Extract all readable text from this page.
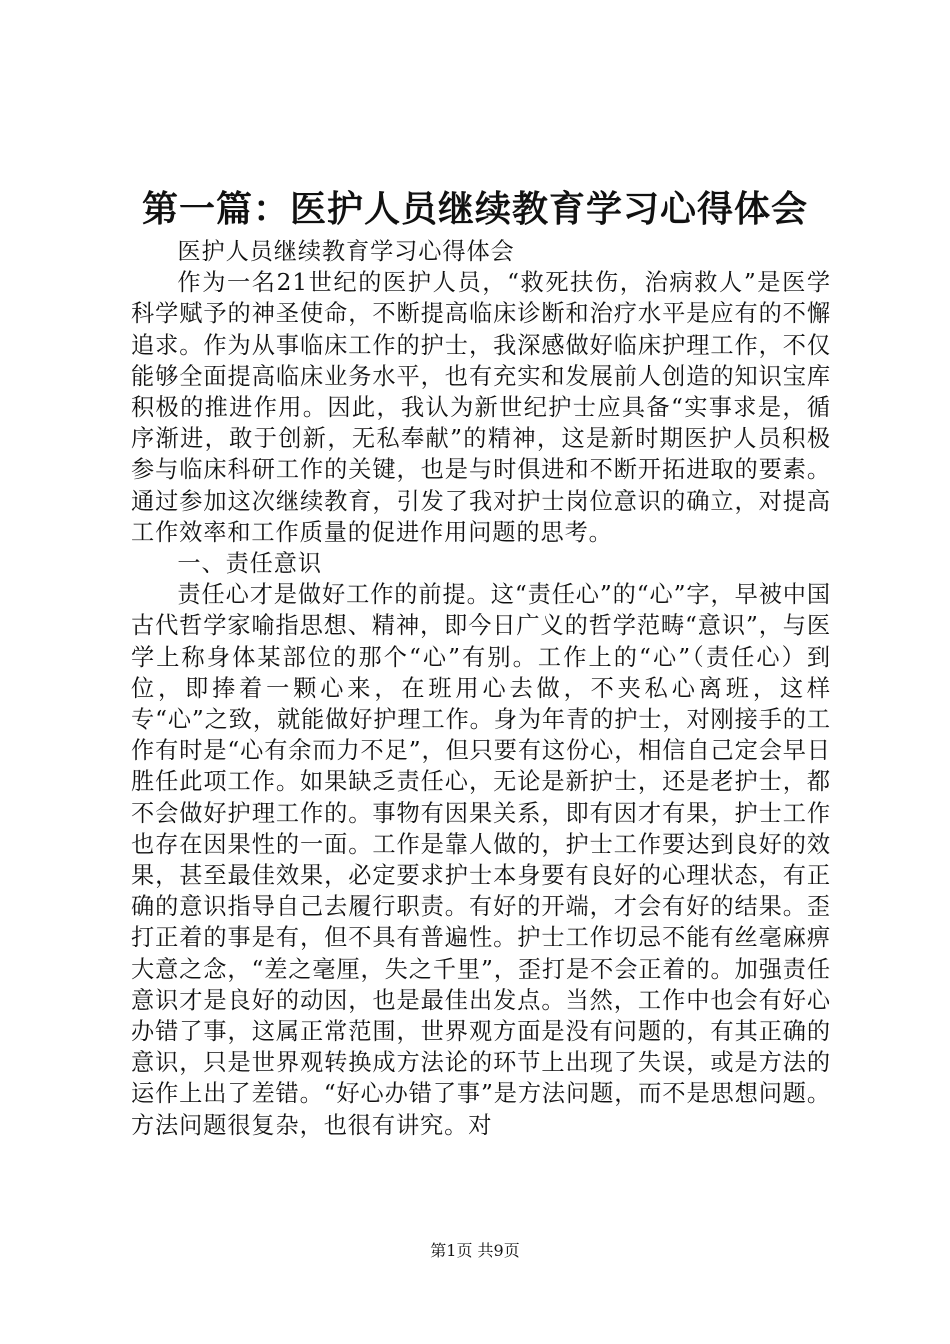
第一篇：医护人员继续教育学习心得体会

医护人员继续教育学习心得体会

作为一名21世纪的医护人员，“救死扶伤，治病救人”是医学科学赋予的神圣使命，不断提高临床诊断和治疗水平是应有的不懈追求。作为从事临床工作的护士，我深感做好临床护理工作，不仅能够全面提高临床业务水平，也有充实和发展前人创造的知识宝库积极的推进作用。因此，我认为新世纪护士应具备“实事求是，循序渐进，敢于创新，无私奉献”的精神，这是新时期医护人员积极参与临床科研工作的关键，也是与时俱进和不断开拓进取的要素。通过参加这次继续教育，引发了我对护士岗位意识的确立，对提高工作效率和工作质量的促进作用问题的思考。

一、责任意识

责任心才是做好工作的前提。这“责任心”的“心”字，早被中国古代哲学家喻指思想、精神，即今日广义的哲学范畴“意识”，与医学上称身体某部位的那个“心”有别。工作上的“心”（责任心）到位，即捧着一颗心来，在班用心去做，不夹私心离班，这样专“心”之致，就能做好护理工作。身为年青的护士，对刚接手的工作有时是“心有余而力不足”，但只要有这份心，相信自己定会早日胜任此项工作。如果缺乏责任心，无论是新护士，还是老护士，都不会做好护理工作的。事物有因果关系，即有因才有果，护士工作也存在因果性的一面。工作是靠人做的，护士工作要达到良好的效果，甚至最佳效果，必定要求护士本身要有良好的心理状态，有正确的意识指导自己去履行职责。有好的开端，才会有好的结果。歪打正着的事是有，但不具有普遍性。护士工作切忌不能有丝毫麻痹大意之念，“差之毫厘，失之千里”，歪打是不会正着的。加强责任意识才是良好的动因，也是最佳出发点。当然，工作中也会有好心办错了事，这属正常范围，世界观方面是没有问题的，有其正确的意识，只是世界观转换成方法论的环节上出现了失误，或是方法的运作上出了差错。“好心办错了事”是方法问题，而不是思想问题。方法问题很复杂，也很有讲究。对

第1页 共9页
